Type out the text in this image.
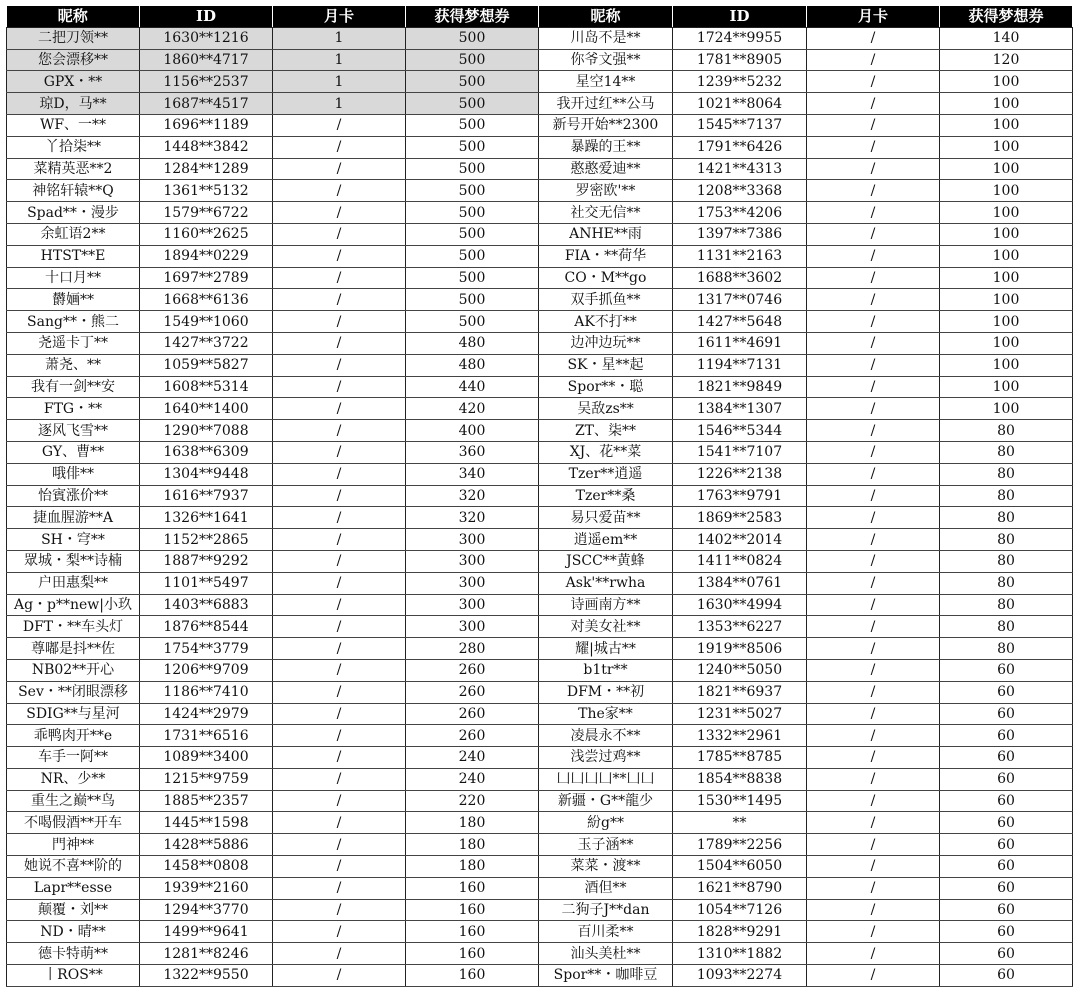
昵称	ID	月卡	获得梦想券	昵称	ID	月卡	获得梦想券
二把刀领**	1630**1216	1	500	川岛不是**	1724**9955	/	140
您会漂移**	1860**4717	1	500	你爷文强**	1781**8905	/	120
GPX・**	1156**2537	1	500	星空14**	1239**5232	/	100
琼D，马**	1687**4517	1	500	我开过红**公马	1021**8064	/	100
WF、一**	1696**1189	/	500	新号开始**2300	1545**7137	/	100
丫拾柒**	1448**3842	/	500	暴躁的王**	1791**6426	/	100
菜精英恶**2	1284**1289	/	500	憨憨爱迪**	1421**4313	/	100
神铭轩辕**Q	1361**5132	/	500	罗密欧'**	1208**3368	/	100
Spad**・漫步	1579**6722	/	500	社交无信**	1753**4206	/	100
余虹语2**	1160**2625	/	500	ANHE**雨	1397**7386	/	100
HTST**E	1894**0229	/	500	FIA・**荷华	1131**2163	/	100
十口月**	1697**2789	/	500	CO・M**go	1688**3602	/	100
欝婳**	1668**6136	/	500	双手抓鱼**	1317**0746	/	100
Sang**・熊二	1549**1060	/	500	AK不打**	1427**5648	/	100
尧遥卡丁**	1427**3722	/	480	边冲边玩**	1611**4691	/	100
萧尧、**	1059**5827	/	480	SK・星**起	1194**7131	/	100
我有一剑**安	1608**5314	/	440	Spor**・聪	1821**9849	/	100
FTG・**	1640**1400	/	420	吴敌zs**	1384**1307	/	100
逐风飞雪**	1290**7088	/	400	ZT、柒**	1546**5344	/	80
GY、曹**	1638**6309	/	360	XJ、花**菜	1541**7107	/	80
哦俳**	1304**9448	/	340	Tzer**逍遥	1226**2138	/	80
怡賓涨价**	1616**7937	/	320	Tzer**桑	1763**9791	/	80
捷血腥游**A	1326**1641	/	320	易只爱苗**	1869**2583	/	80
SH・穹**	1152**2865	/	300	逍遥em**	1402**2014	/	80
眾城・梨**诗楠	1887**9292	/	300	JSCC**黄蜂	1411**0824	/	80
户田惠梨**	1101**5497	/	300	Ask'**rwha	1384**0761	/	80
Ag・p**new|小玖	1403**6883	/	300	诗画南方**	1630**4994	/	80
DFT・**车头灯	1876**8544	/	300	对美女社**	1353**6227	/	80
尊嘟是抖**佐	1754**3779	/	280	耀|城古**	1919**8506	/	80
NB02**开心	1206**9709	/	260	b1tr**	1240**5050	/	60
Sev・**闭眼漂移	1186**7410	/	260	DFM・**初	1821**6937	/	60
SDIG**与星河	1424**2979	/	260	The家**	1231**5027	/	60
乖鸭肉开**e	1731**6516	/	260	凌晨永不**	1332**2961	/	60
车手一阿**	1089**3400	/	240	浅尝过鸡**	1785**8785	/	60
NR、少**	1215**9759	/	240	凵凵凵凵**凵凵	1854**8838	/	60
重生之巅**鸟	1885**2357	/	220	新疆・G**龍少	1530**1495	/	60
不喝假酒**开车	1445**1598	/	180	紛g**	**	/	60
門神**	1428**5886	/	180	玉子涵**	1789**2256	/	60
她说不喜**阶的	1458**0808	/	180	菜菜・渡**	1504**6050	/	60
Lapr**esse	1939**2160	/	160	酒但**	1621**8790	/	60
颠覆・刘**	1294**3770	/	160	二狗子J**dan	1054**7126	/	60
ND・晴**	1499**9641	/	160	百川柔**	1828**9291	/	60
德卡特萌**	1281**8246	/	160	汕头美杜**	1310**1882	/	60
丨ROS**	1322**9550	/	160	Spor**・咖啡豆	1093**2274	/	60
